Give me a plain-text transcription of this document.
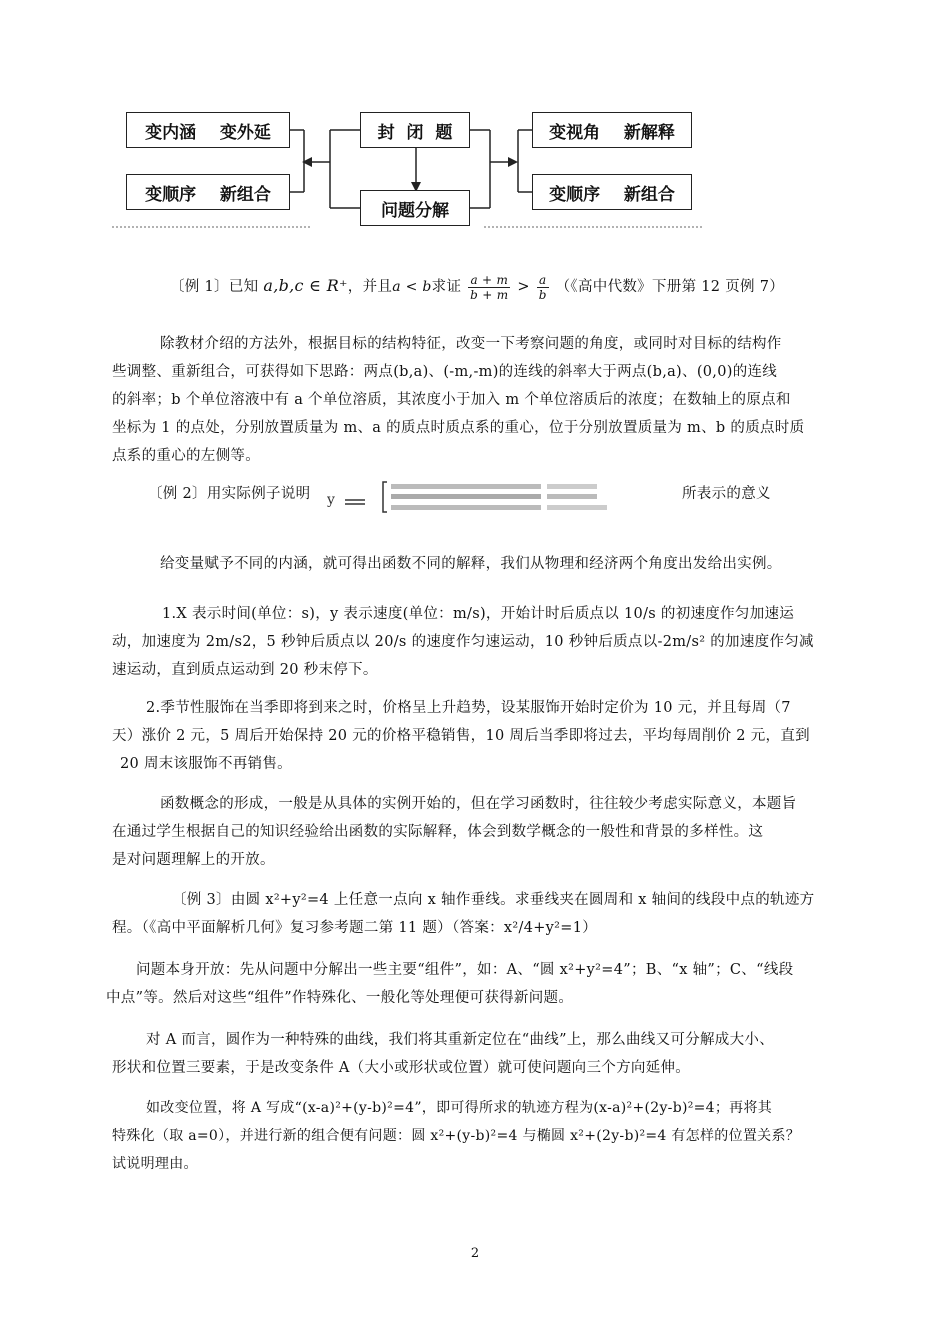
变内涵    变外延
变顺序    新组合
封  闭  题
问题分解
变视角    新解释
变顺序    新组合
〔例 1〕已知 a,b,c ∈ R⁺，并且a < b求证 $\frac{a + m}{b + m} > \frac{a}{b}$ （《高中代数》下册第 12 页例 7）
除教材介绍的方法外，根据目标的结构特征，改变一下考察问题的角度，或同时对目标的结构作
些调整、重新组合，可获得如下思路：两点(b,a)、(-m,-m)的连线的斜率大于两点(b,a)、(0,0)的连线
的斜率；b 个单位溶液中有 a 个单位溶质，其浓度小于加入 m 个单位溶质后的浓度；在数轴上的原点和
坐标为 1 的点处，分别放置质量为 m、a 的质点时质点系的重心，位于分别放置质量为 m、b 的质点时质
点系的重心的左侧等。
〔例 2〕用实际例子说明 y	所表示的意义
给变量赋予不同的内涵，就可得出函数不同的解释，我们从物理和经济两个角度出发给出实例。
1.X 表示时间(单位：s)，y 表示速度(单位：m/s)，开始计时后质点以 10/s 的初速度作匀加速运
动，加速度为 2m/s2，5 秒钟后质点以 20/s 的速度作匀速运动，10 秒钟后质点以-2m/s² 的加速度作匀减
速运动，直到质点运动到 20 秒末停下。
2.季节性服饰在当季即将到来之时，价格呈上升趋势，设某服饰开始时定价为 10 元，并且每周（7
天）涨价 2 元，5 周后开始保持 20 元的价格平稳销售，10 周后当季即将过去，平均每周削价 2 元，直到
20 周末该服饰不再销售。
函数概念的形成，一般是从具体的实例开始的，但在学习函数时，往往较少考虑实际意义，本题旨
在通过学生根据自己的知识经验给出函数的实际解释，体会到数学概念的一般性和背景的多样性。这
是对问题理解上的开放。
〔例 3〕由圆 x²+y²=4 上任意一点向 x 轴作垂线。求垂线夹在圆周和 x 轴间的线段中点的轨迹方
程。（《高中平面解析几何》复习参考题二第 11 题）（答案：x²/4+y²=1）
问题本身开放：先从问题中分解出一些主要“组件”，如：A、“圆 x²+y²=4”；B、“x 轴”；C、“线段
中点”等。然后对这些“组件”作特殊化、一般化等处理便可获得新问题。
对 A 而言，圆作为一种特殊的曲线，我们将其重新定位在“曲线”上，那么曲线又可分解成大小、
形状和位置三要素，于是改变条件 A（大小或形状或位置）就可使问题向三个方向延伸。
如改变位置，将 A 写成“(x-a)²+(y-b)²=4”，即可得所求的轨迹方程为(x-a)²+(2y-b)²=4；再将其
特殊化（取 a=0），并进行新的组合便有问题：圆 x²+(y-b)²=4 与椭圆 x²+(2y-b)²=4 有怎样的位置关系？
试说明理由。
2
